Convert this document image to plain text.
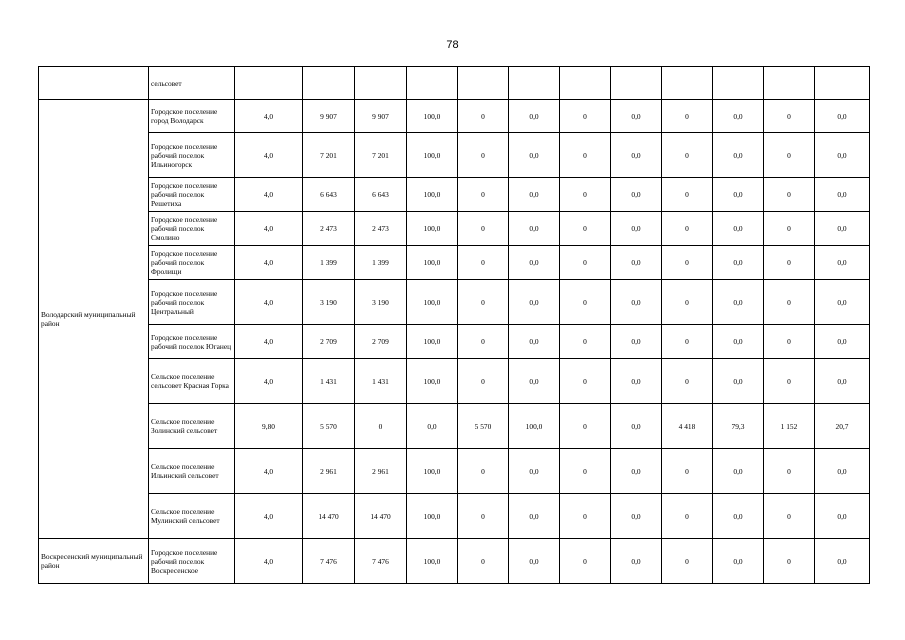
78
	сельсовет												
Володарский муниципальный район	Городское поселение город Володарск	4,0	9 907	9 907	100,0	0	0,0	0	0,0	0	0,0	0	0,0
	Городское поселение рабочий поселок Ильиногорск	4,0	7 201	7 201	100,0	0	0,0	0	0,0	0	0,0	0	0,0
	Городское поселение рабочий поселок Решетиха	4,0	6 643	6 643	100,0	0	0,0	0	0,0	0	0,0	0	0,0
	Городское поселение рабочий поселок Смолино	4,0	2 473	2 473	100,0	0	0,0	0	0,0	0	0,0	0	0,0
	Городское поселение рабочий поселок Фролищи	4,0	1 399	1 399	100,0	0	0,0	0	0,0	0	0,0	0	0,0
	Городское поселение рабочий поселок Центральный	4,0	3 190	3 190	100,0	0	0,0	0	0,0	0	0,0	0	0,0
	Городское поселение рабочий поселок Юганец	4,0	2 709	2 709	100,0	0	0,0	0	0,0	0	0,0	0	0,0
	Сельское поселение сельсовет Красная Горка	4,0	1 431	1 431	100,0	0	0,0	0	0,0	0	0,0	0	0,0
	Сельское поселение Золинский сельсовет	9,80	5 570	0	0,0	5 570	100,0	0	0,0	4 418	79,3	1 152	20,7
	Сельское поселение Ильинский сельсовет	4,0	2 961	2 961	100,0	0	0,0	0	0,0	0	0,0	0	0,0
	Сельское поселение Мулинский сельсовет	4,0	14 470	14 470	100,0	0	0,0	0	0,0	0	0,0	0	0,0
Воскресенский муниципальный район	Городское поселение рабочий поселок Воскресенское	4,0	7 476	7 476	100,0	0	0,0	0	0,0	0	0,0	0	0,0
